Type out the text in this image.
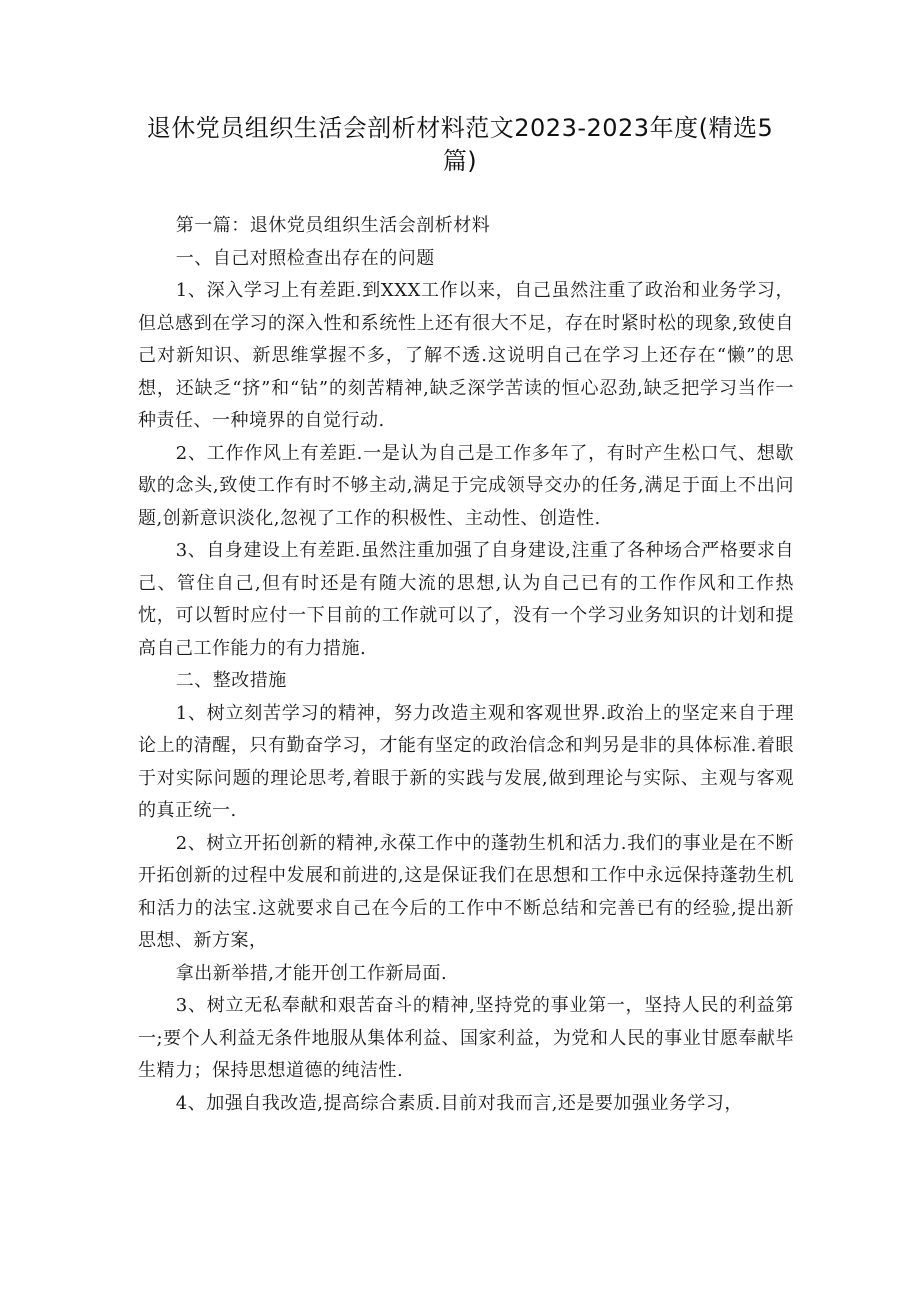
退休党员组织生活会剖析材料范文2023-2023年度(精选5篇)

第一篇：退休党员组织生活会剖析材料

一、自己对照检查出存在的问题

1、深入学习上有差距.到XXX工作以来，自己虽然注重了政治和业务学习，但总感到在学习的深入性和系统性上还有很大不足，存在时紧时松的现象,致使自己对新知识、新思维掌握不多，了解不透.这说明自己在学习上还存在“懒”的思想，还缺乏“挤”和“钻”的刻苦精神,缺乏深学苦读的恒心忍劲,缺乏把学习当作一种责任、一种境界的自觉行动.

2、工作作风上有差距.一是认为自己是工作多年了，有时产生松口气、想歇歇的念头,致使工作有时不够主动,满足于完成领导交办的任务,满足于面上不出问题,创新意识淡化,忽视了工作的积极性、主动性、创造性.

3、自身建设上有差距.虽然注重加强了自身建设,注重了各种场合严格要求自己、管住自己,但有时还是有随大流的思想,认为自己已有的工作作风和工作热忱，可以暂时应付一下目前的工作就可以了，没有一个学习业务知识的计划和提高自己工作能力的有力措施.

二、整改措施

1、树立刻苦学习的精神，努力改造主观和客观世界.政治上的坚定来自于理论上的清醒，只有勤奋学习，才能有坚定的政治信念和判另是非的具体标准.着眼于对实际问题的理论思考,着眼于新的实践与发展,做到理论与实际、主观与客观的真正统一.

2、树立开拓创新的精神,永葆工作中的蓬勃生机和活力.我们的事业是在不断开拓创新的过程中发展和前进的,这是保证我们在思想和工作中永远保持蓬勃生机和活力的法宝.这就要求自己在今后的工作中不断总结和完善已有的经验,提出新思想、新方案，

拿出新举措,才能开创工作新局面.

3、树立无私奉献和艰苦奋斗的精神,坚持党的事业第一，坚持人民的利益第一;要个人利益无条件地服从集体利益、国家利益，为党和人民的事业甘愿奉献毕生精力；保持思想道德的纯洁性.

4、加强自我改造,提高综合素质.目前对我而言,还是要加强业务学习，
